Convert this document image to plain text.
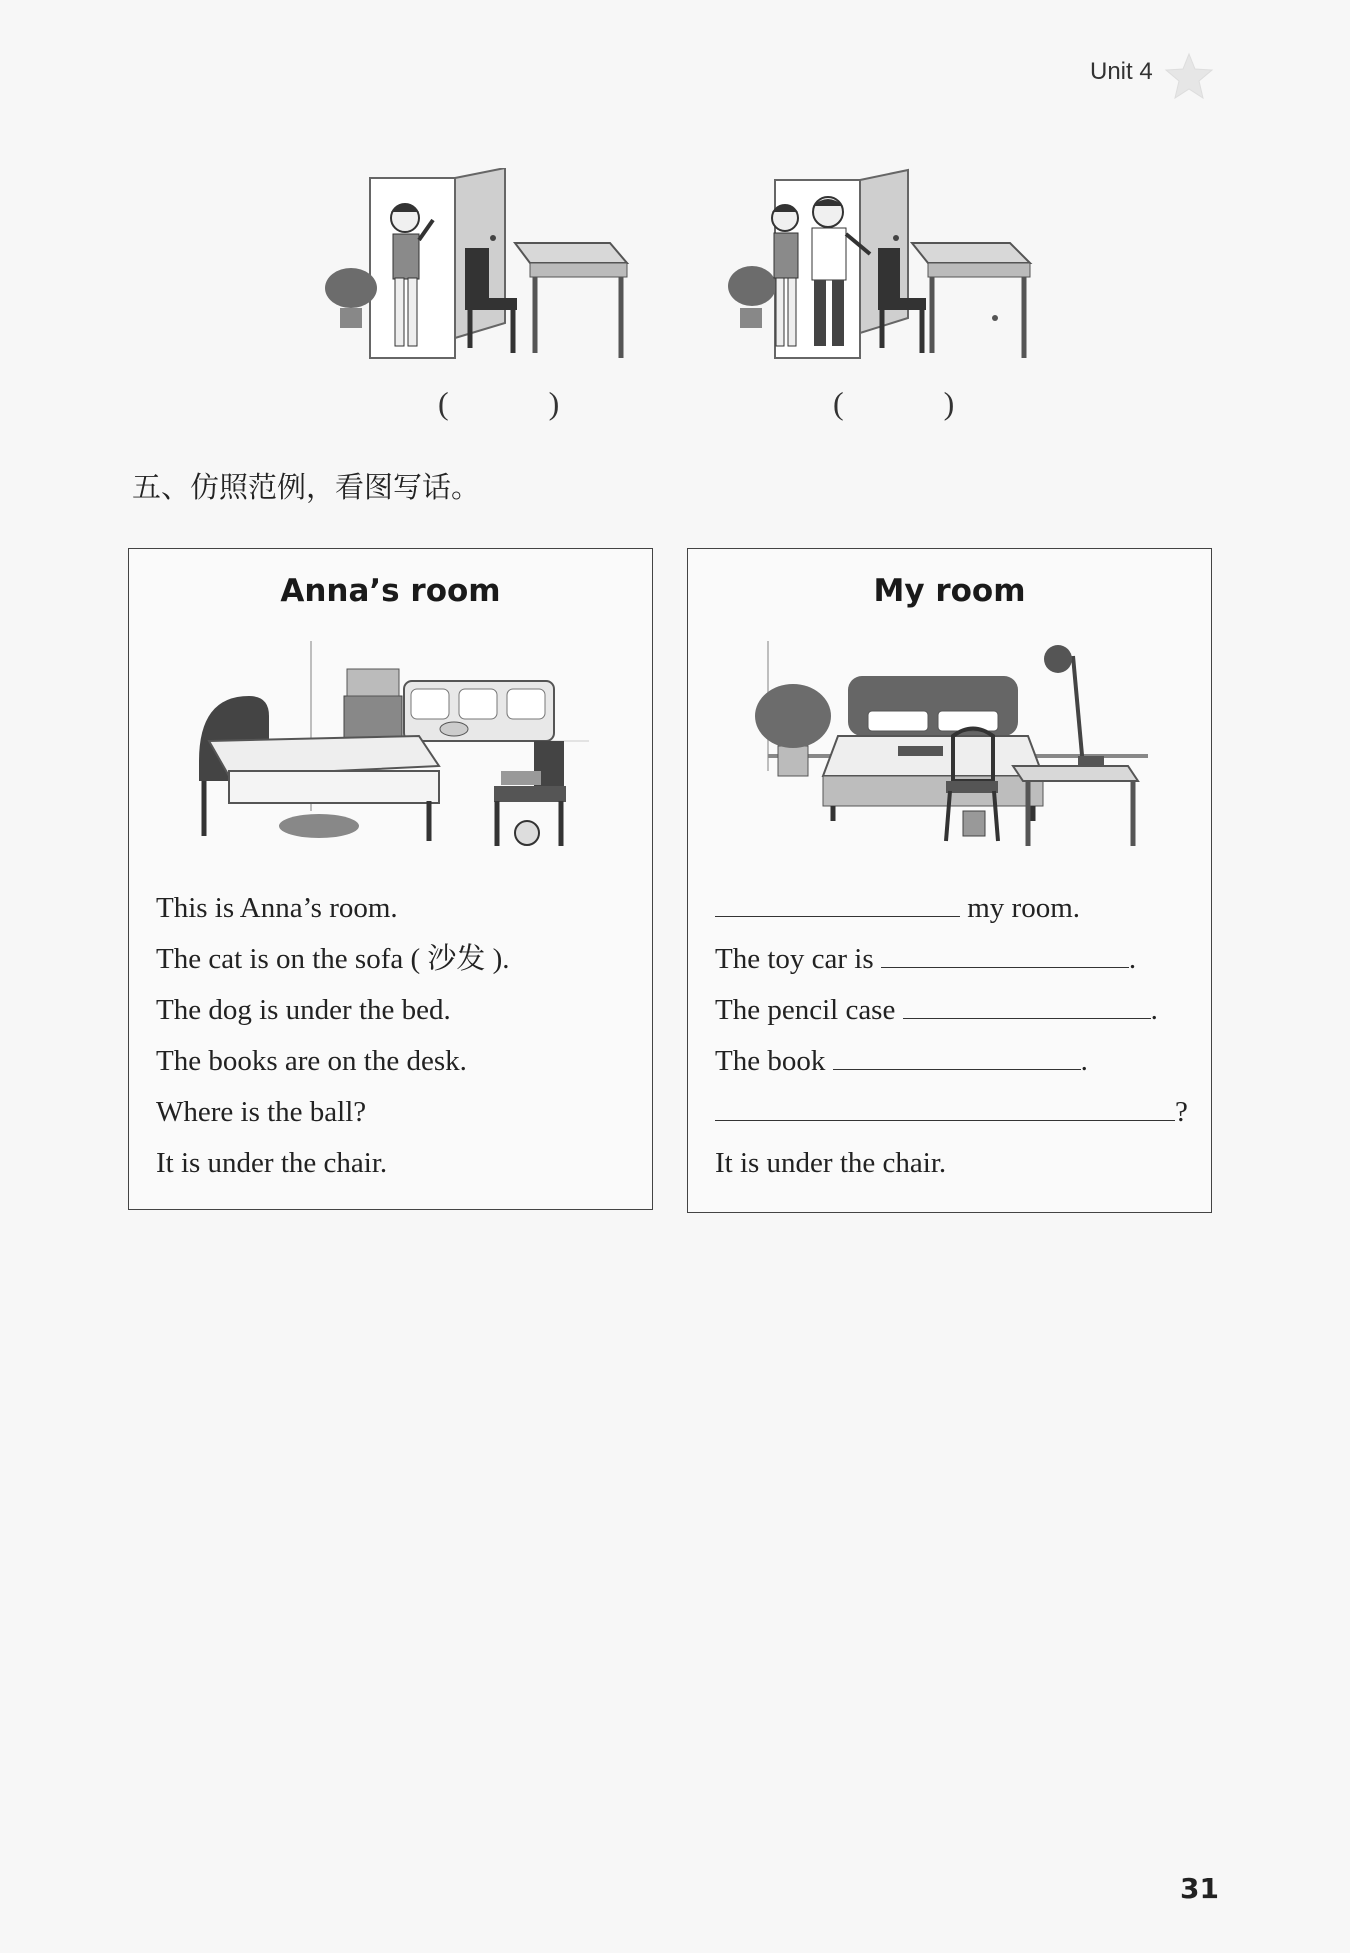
Unit 4
( )	( )
五、仿照范例，看图写话。
Anna’s room
This is Anna’s room.
The cat is on the sofa ( 沙发 ).
The dog is under the bed.
The books are on the desk.
Where is the ball?
It is under the chair.
My room
my room.
The toy car is	.
The pencil case	.
The book	.
?
It is under the chair.
31
